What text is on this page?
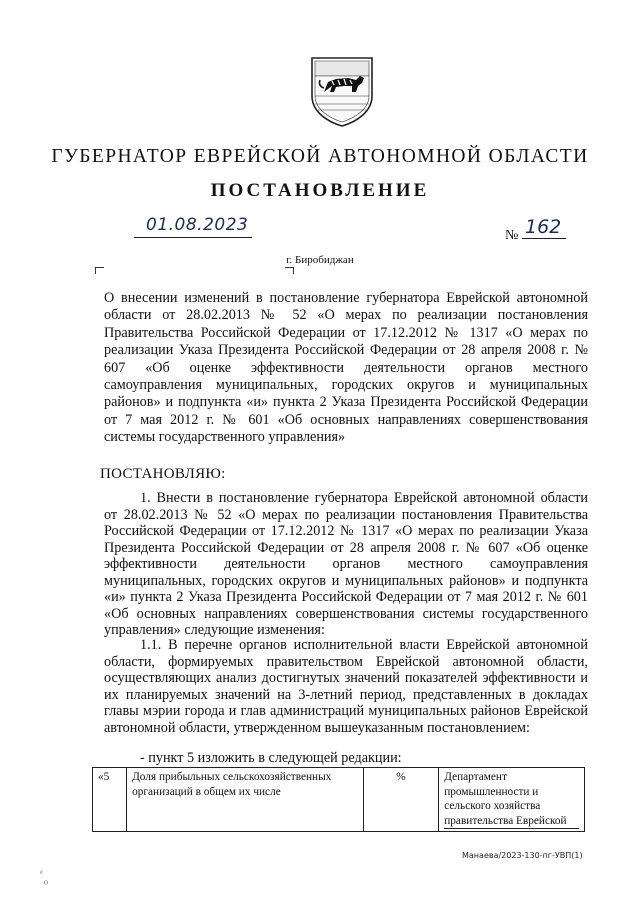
ГУБЕРНАТОР ЕВРЕЙСКОЙ АВТОНОМНОЙ ОБЛАСТИ
ПОСТАНОВЛЕНИЕ
01.08.2023
№ 162
г. Биробиджан
О внесении изменений в постановление губернатора Еврейской автономной области от 28.02.2013 № 52 «О мерах по реализации постановления Правительства Российской Федерации от 17.12.2012 № 1317 «О мерах по реализации Указа Президента Российской Федерации от 28 апреля 2008 г. № 607 «Об оценке эффективности деятельности органов местного самоуправления муниципальных, городских округов и муниципальных районов» и подпункта «и» пункта 2 Указа Президента Российской Федерации от 7 мая 2012 г. № 601 «Об основных направлениях совершенствования системы государственного управления»
ПОСТАНОВЛЯЮ:
1. Внести в постановление губернатора Еврейской автономной области от 28.02.2013 № 52 «О мерах по реализации постановления Правительства Российской Федерации от 17.12.2012 № 1317 «О мерах по реализации Указа Президента Российской Федерации от 28 апреля 2008 г. № 607 «Об оценке эффективности деятельности органов местного самоуправления муниципальных, городских округов и муниципальных районов» и подпункта «и» пункта 2 Указа Президента Российской Федерации от 7 мая 2012 г. № 601 «Об основных направлениях совершенствования системы государственного управления» следующие изменения:
1.1. В перечне органов исполнительной власти Еврейской автономной области, формируемых правительством Еврейской автономной области, осуществляющих анализ достигнутых значений показателей эффективности и их планируемых значений на 3-летний период, представленных в докладах главы мэрии города и глав администраций муниципальных районов Еврейской автономной области, утвержденном вышеуказанным постановлением:
- пункт 5 изложить в следующей редакции:
«5	Доля прибыльных сельскохозяйственных организаций в общем их числе	%	Департамент
промышленности и
сельского хозяйства
правительства Еврейской
Манаева/2023-130-пг-УВП(1)
ᵃ
⁰
